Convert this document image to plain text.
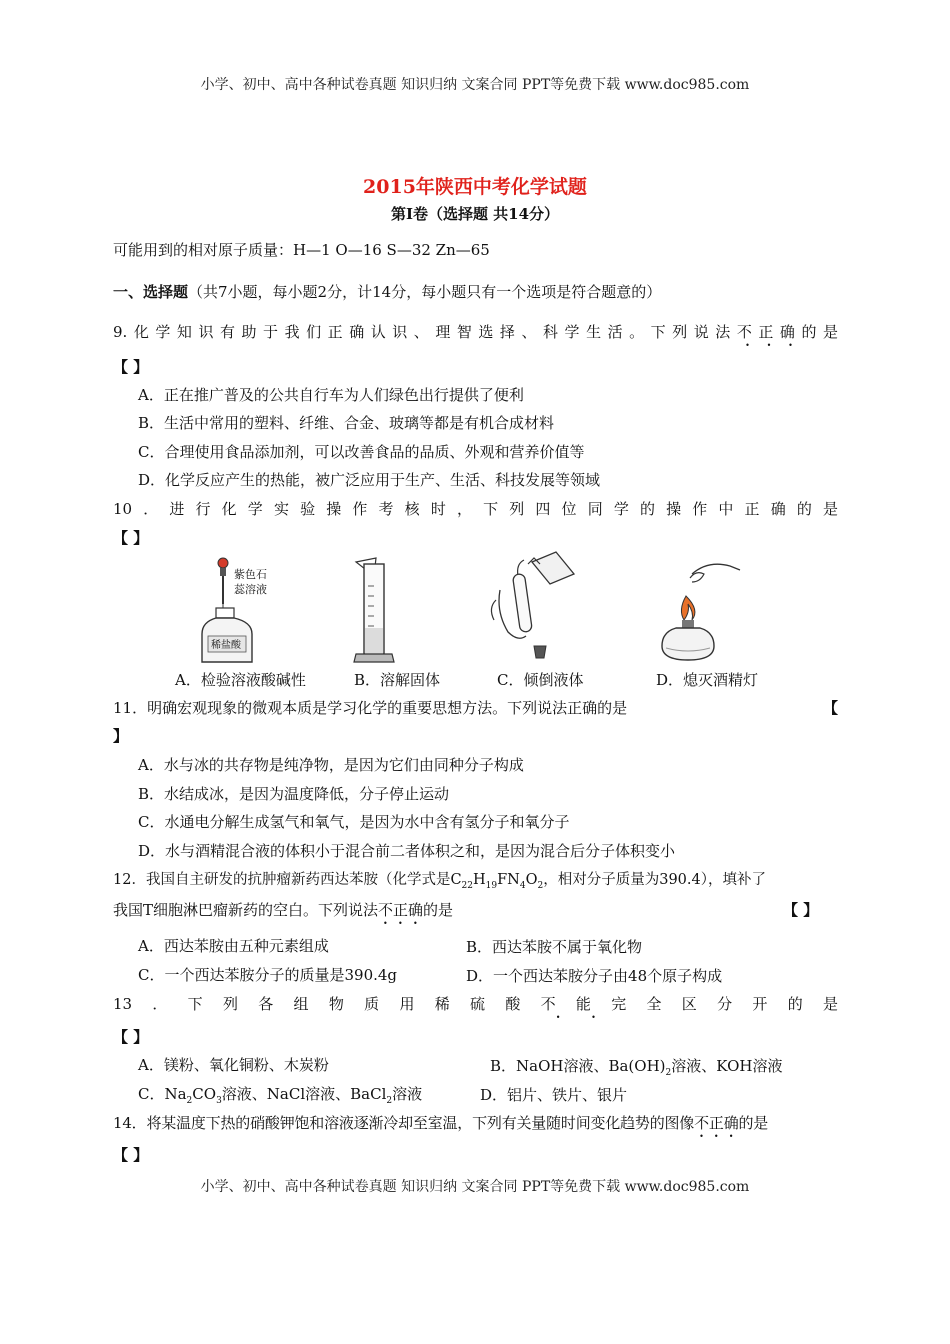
小学、初中、高中各种试卷真题 知识归纳 文案合同 PPT等免费下载 www.doc985.com
2015年陕西中考化学试题
第Ⅰ卷（选择题 共14分）
可能用到的相对原子质量：H—1 O—16 S—32 Zn—65
一、选择题（共7小题，每小题2分，计14分，每小题只有一个选项是符合题意的）
9.化学知识有助于我们正确认识、理智选择、科学生活。下列说法不正确的是
【 】
A．正在推广普及的公共自行车为人们绿色出行提供了便利
B．生活中常用的塑料、纤维、合金、玻璃等都是有机合成材料
C．合理使用食品添加剂，可以改善食品的品质、外观和营养价值等
D．化学反应产生的热能，被广泛应用于生产、生活、科技发展等领域
10．进行化学实验操作考核时，下列四位同学的操作中正确的是
【 】
紫色石
蕊溶液
稀盐酸
A．检验溶液酸碱性	B．溶解固体	C．倾倒液体	D．熄灭酒精灯
11．明确宏观现象的微观本质是学习化学的重要思想方法。下列说法正确的是	【
】
A．水与冰的共存物是纯净物，是因为它们由同种分子构成
B．水结成冰，是因为温度降低，分子停止运动
C．水通电分解生成氢气和氧气，是因为水中含有氢分子和氧分子
D．水与酒精混合液的体积小于混合前二者体积之和，是因为混合后分子体积变小
12．我国自主研发的抗肿瘤新药西达苯胺（化学式是$C_{22}H_{19}FN_4O_2$，相对分子质量为390.4），填补了
我国T细胞淋巴瘤新药的空白。下列说法不正确的是	【 】
A．西达苯胺由五种元素组成	B．西达苯胺不属于氧化物
C．一个西达苯胺分子的质量是390.4g	D．一个西达苯胺分子由48个原子构成
13．下列各组物质用稀硫酸不能完全区分开的是
【 】
A．镁粉、氧化铜粉、木炭粉	B．NaOH溶液、$Ba(OH)_2$溶液、KOH溶液
C．$Na_2CO_3$溶液、NaCl溶液、BaCl$_2$溶液	D．铝片、铁片、银片
14．将某温度下热的硝酸钾饱和溶液逐渐冷却至室温，下列有关量随时间变化趋势的图像不正确的是
【 】
小学、初中、高中各种试卷真题 知识归纳 文案合同 PPT等免费下载 www.doc985.com
